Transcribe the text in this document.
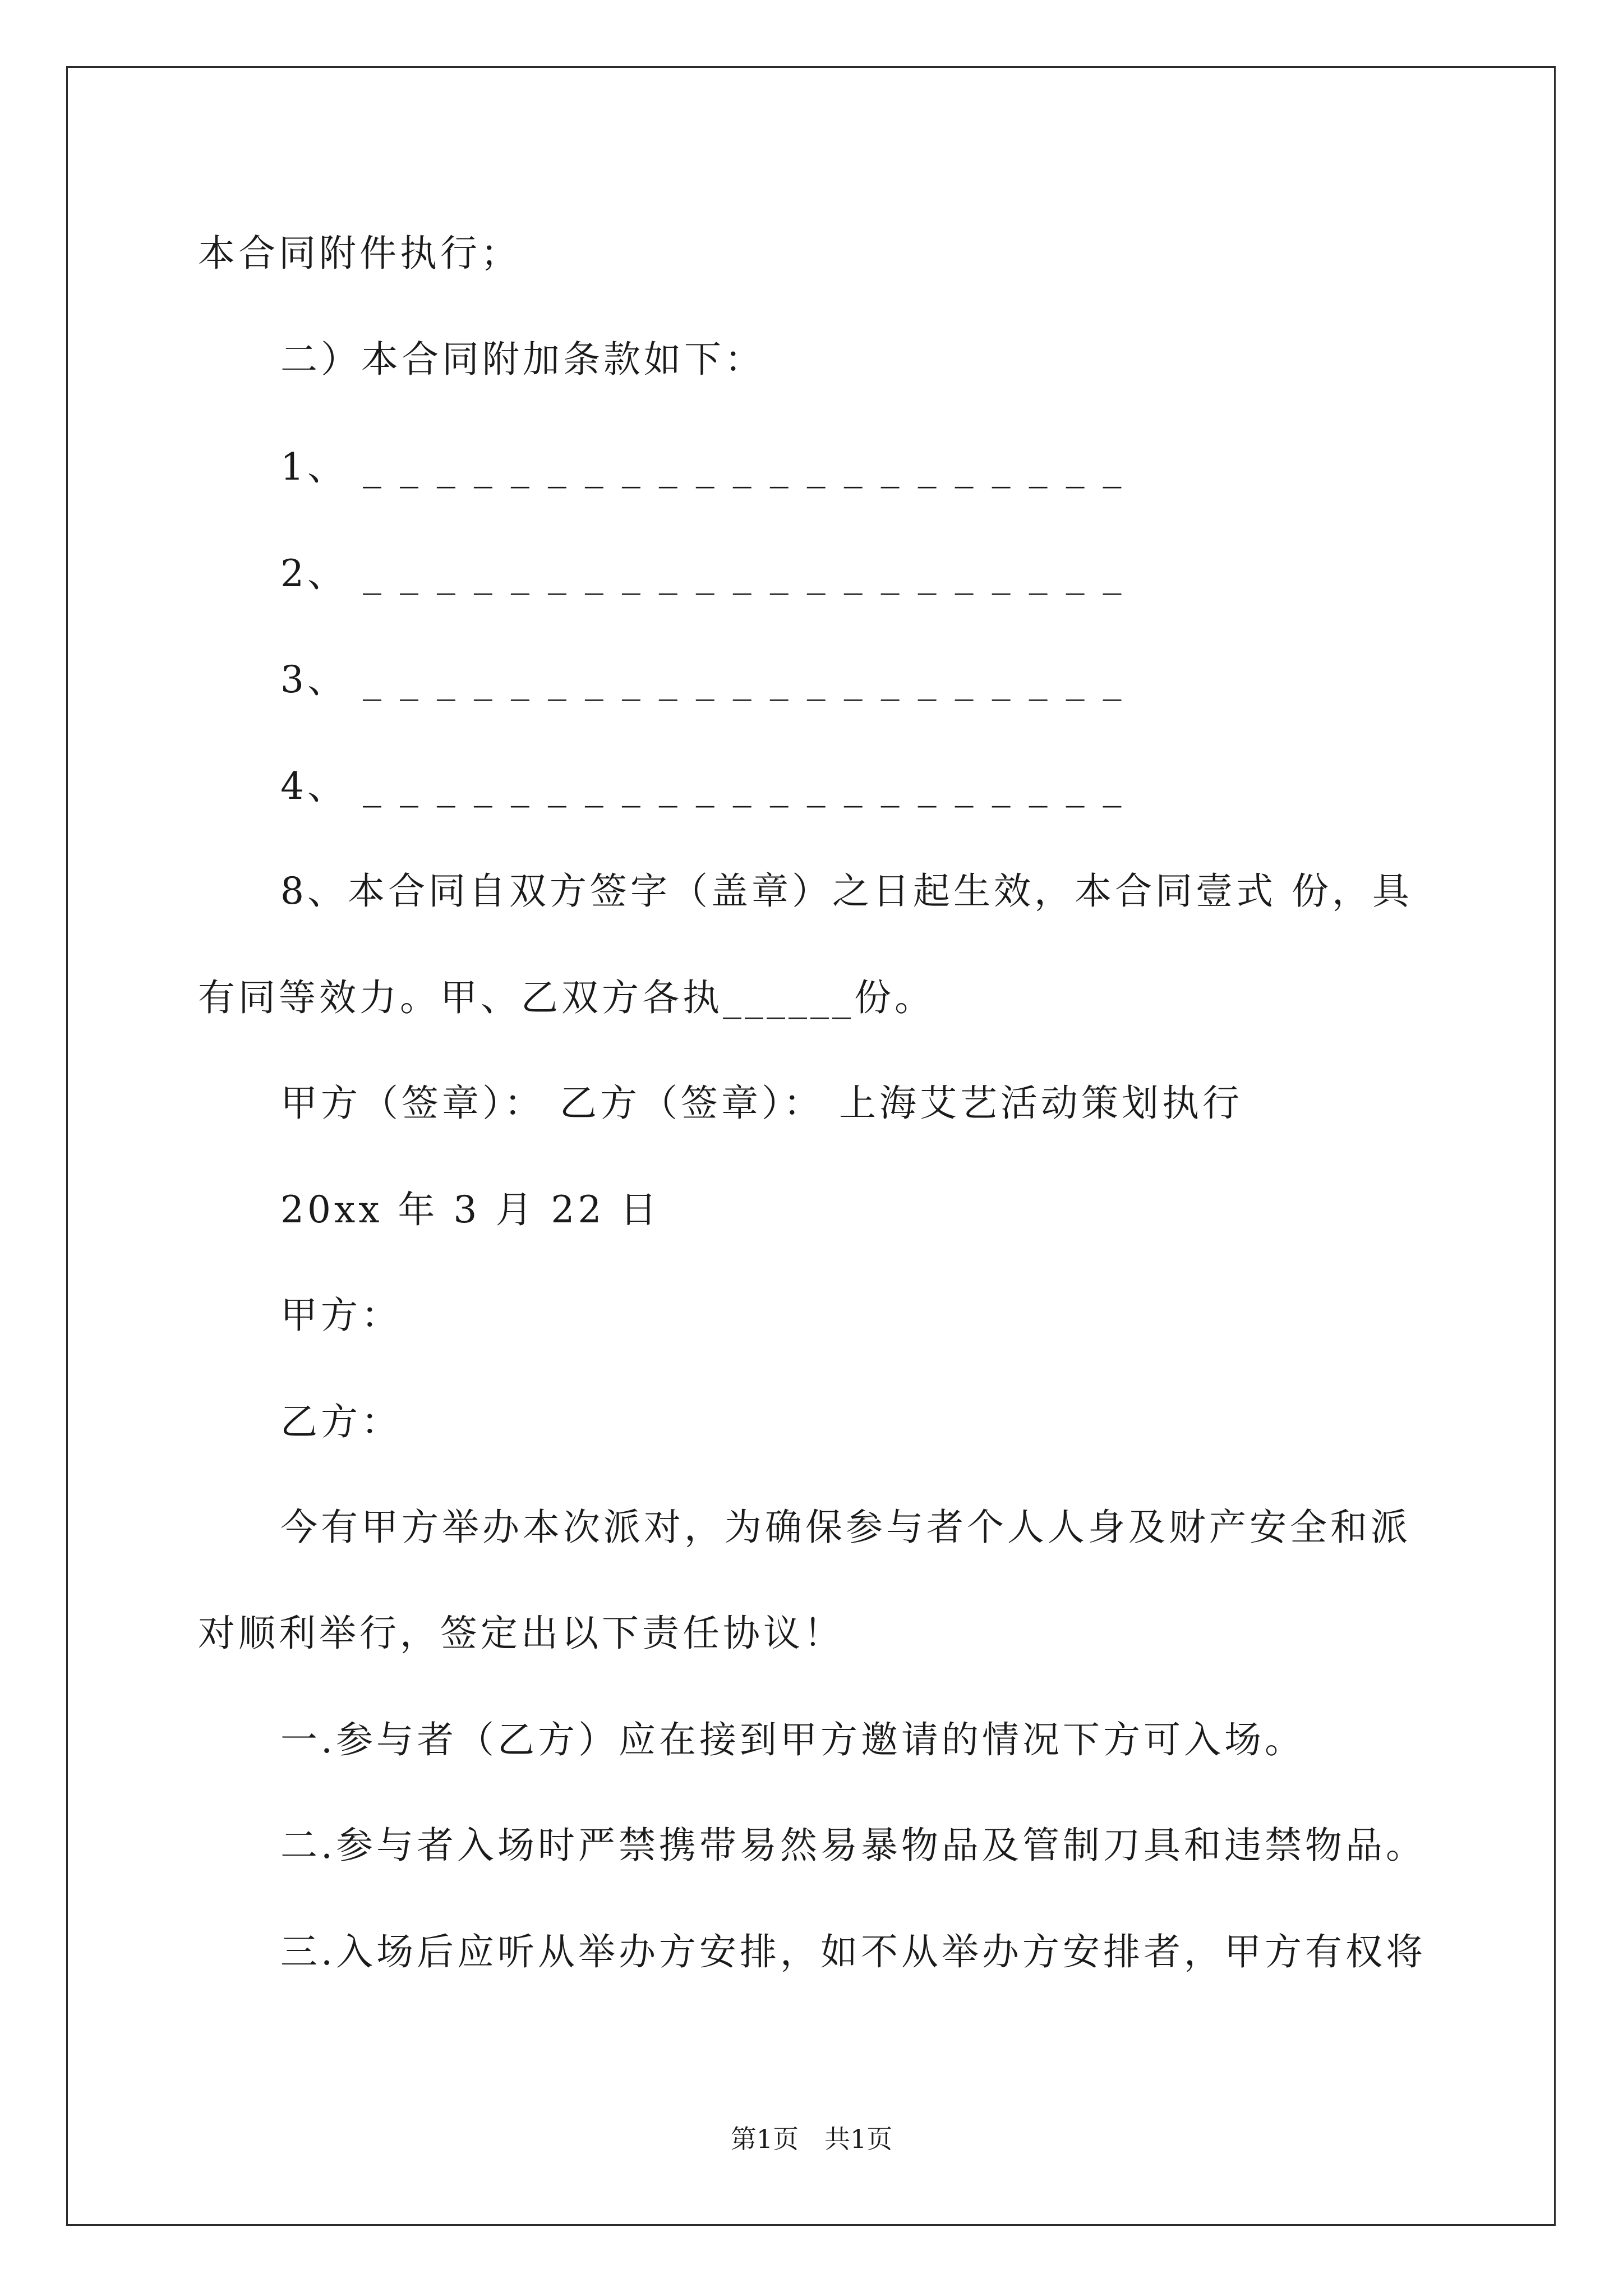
本合同附件执行；
二）本合同附加条款如下：
1、 _ _ _ _ _ _ _ _ _ _ _ _ _ _ _ _ _ _ _ _ _
2、 _ _ _ _ _ _ _ _ _ _ _ _ _ _ _ _ _ _ _ _ _
3、 _ _ _ _ _ _ _ _ _ _ _ _ _ _ _ _ _ _ _ _ _
4、 _ _ _ _ _ _ _ _ _ _ _ _ _ _ _ _ _ _ _ _ _
8、本合同自双方签字（盖章）之日起生效，本合同壹式 份，具
有同等效力。甲、乙双方各执______份。
甲方（签章）： 乙方（签章）： 上海艾艺活动策划执行
20xx 年 3 月 22 日
甲方：
乙方：
今有甲方举办本次派对，为确保参与者个人人身及财产安全和派
对顺利举行，签定出以下责任协议！
一.参与者（乙方）应在接到甲方邀请的情况下方可入场。
二.参与者入场时严禁携带易然易暴物品及管制刀具和违禁物品。
三.入场后应听从举办方安排，如不从举办方安排者，甲方有权将
第1页　共1页
